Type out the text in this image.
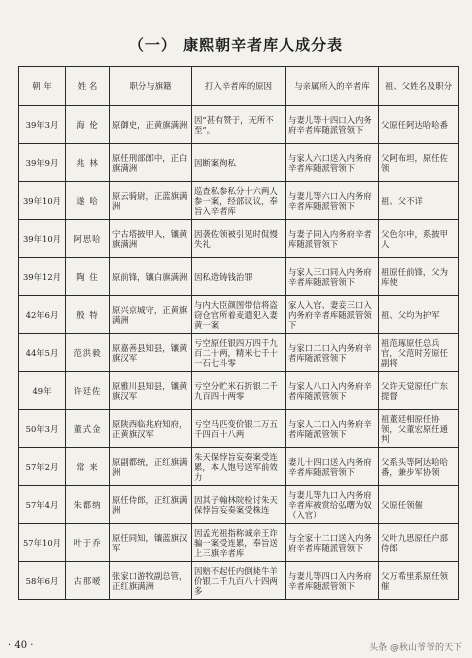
（一） 康熙朝辛者库人成分表
朝 年	姓 名	职分与旗籍	打入辛者库的原因	与亲属所入的辛者库	祖、父姓名及职分
39年3月	海 伦	原御史，正黄旗满洲	因“甚有赞于，无所不至”。	与妻儿等十四口入内务府辛者库随派管领下	父原任阿达哈哈番
39年9月	兆 林	原任刑部郎中，正白旗满洲	因断案徇私	与家人六口送入内务府辛者库随派管领下	父阿布坦，原任佐领
39年10月	遂 哈	原云骑尉，正蓝旗满洲	巡查私参私分十六两人参一案，经部议议，奉旨入辛者库	与妻儿等六口入内务府辛者库随派管领下	祖、父不详
39年10月	阿思哈	宁古塔披甲人，镶黄旗满洲	因袭佐领被引见时侃慢失礼	与妻子同入内务府辛者库随派管领下	父色尔申，系披甲人
39年12月	陶 住	原前锋，镶白旗满洲	因私造铸钱治罪	与家人三口同入内务府辛者库随派管领下	祖原任前锋，父为库使
42年6月	殷 特	原兴京城守，正黄旗满洲	与内大臣颜图带信将盗窃仓官所着麦遣犯入妻黄一案	家人入官、妻妾三口入内务府辛者库随派管领下	祖、父均为护军
44年5月	范洪毅	原嘉善县知县，镶黄旗汉军	亏空原任银四万四千九百二十两，精米七千十一石七斗零	与家口二口入内务府辛者库随派管领下	祖范琢原任总兵官，父范时芳原任副将
49年	许廷佐	原雅川县知县，镶黄旗汉军	亏空分贮米石折银二千九百四十两零	与家人八口入内务府辛者库随派管领下	父许天觉原任广东提督
50年3月	董式金	原陕西临兆府知府，正黄旗汉军	亏空马匹变价银二万五千四百十八两	与家人二口入内务府辛者库随派管领下	祖董廷相原任协领，父董宏原任通判
57年2月	常 来	原副都统，正红旗满洲	朱天保悖旨妄奏案受连累，本人饱号送军前效力	妻儿十四口送入内务府辛者库随派管领下	父系头等阿达哈哈番，兼步军协领
57年4月	朱都纳	原任侍郎，正红旗满洲	因其子翰林院检讨朱天保悖旨妄奏案受株连	与妻儿等九口入内务府辛者库被赏给弘曙为奴（入官）	父原任领催
57年10月	叶于乔	原任同知，镶蓝旗汉军	因孟光祖指称诚亲王诈骗一案受连累，奉旨送上三旗辛者库	与全家十二口送入内务府辛者库随派管领下	父叶九思原任户部侍郎
58年6月	古那嗳	张家口游牧副总管，正红旗满洲	因赔不起任内倒毙牛羊价银二千九百八十四两多	与妻儿等四口入内务府辛者库随派管领下	父万希里系原任领催
· 40 ·	头条 @秋山爷爷的天下
